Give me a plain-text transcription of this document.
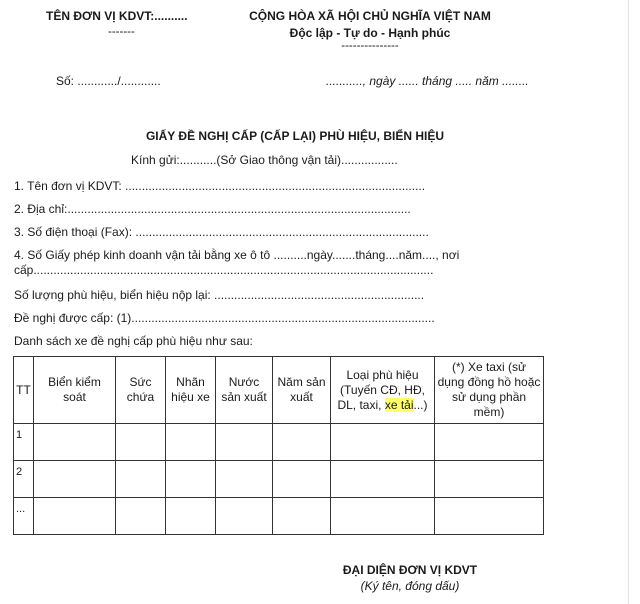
TÊN ĐƠN VỊ KDVT:..........
-------
CỘNG HÒA XÃ HỘI CHỦ NGHĨA VIỆT NAM
Độc lập - Tự do - Hạnh phúc
---------------
Số: ............/............	..........., ngày ...... tháng ..... năm ........
GIẤY ĐỀ NGHỊ CẤP (CẤP LẠI) PHÙ HIỆU, BIỂN HIỆU
Kính gửi:...........(Sở Giao thông vận tải).................
1. Tên đơn vị KDVT: ..........................................................................................
2. Địa chỉ:.......................................................................................................
3. Số điện thoại (Fax): ........................................................................................
4. Số Giấy phép kinh doanh vận tải bằng xe ô tô ..........ngày.......tháng....năm...., nơi
cấp........................................................................................................................
Số lượng phù hiệu, biển hiệu nộp lại: ...............................................................
Đề nghị được cấp: (1)...........................................................................................
Danh sách xe đề nghị cấp phù hiệu như sau:
TT	Biển kiểm soát	Sức chứa	Nhãn hiệu xe	Nước sản xuất	Năm sản xuất	Loại phù hiệu (Tuyến CĐ, HĐ, DL, taxi, xe tải...)	(*) Xe taxi (sử dụng đồng hồ hoặc sử dụng phần mềm)
1							
2							
...							
ĐẠI DIỆN ĐƠN VỊ KDVT
(Ký tên, đóng dấu)
